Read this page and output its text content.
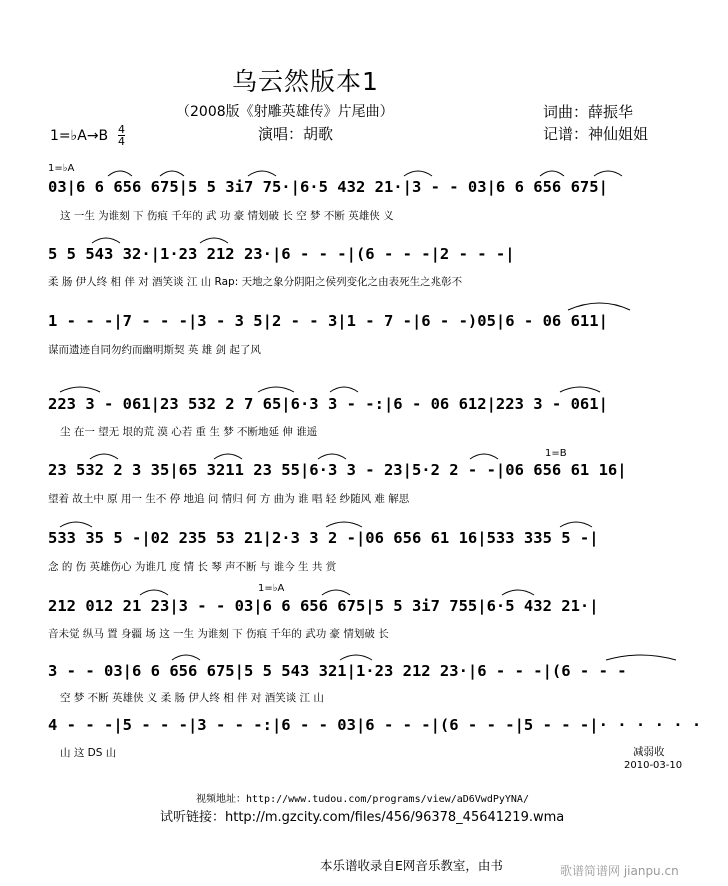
乌云然版本1
（2008版《射雕英雄传》片尾曲）	词曲：薛振华
演唱：胡歌	记谱：神仙姐姐
1=♭A→B 4
4
1=♭A
03|6 6 656 675|5 5 3i7 75·|6·5 432 21·|3 - - 03|6 6 656 675|
这 一生 为谁刻 下 伤痕 千年的 武 功 豪 情划破 长 空 梦 不断 英雄侠 义
5 5 543 32·|1·23 212 23·|6 - - -|(6 - - -|2 - - -|
柔 肠 伊人终 相 伴 对 酒笑谈 江 山 Rap: 天地之象分阴阳之侯列变化之由表死生之兆彰不
1 - - -|7 - - -|3 - 3 5|2 - - 3|1 - 7 -|6 - -)05|6 - 06 611|
谋而遗迹自同勿约而幽明斯契 英 雄 剑 起了风
223 3 - 061|23 532 2 7 65|6·3 3 - -:|6 - 06 612|223 3 - 061|
尘 在一 望无 垠的荒 漠 心若 重 生 梦 不断地延 伸 谁遥
1=B
23 532 2 3 35|65 3211 23 55|6·3 3 - 23|5·2 2 - -|06 656 61 16|
望着 故土中 原 用一 生不 停 地追 问 情归 何 方 曲为 谁 唱 轻 纱随风 难 解思
533 35 5 -|02 235 53 21|2·3 3 2 -|06 656 61 16|533 335 5 -|
念 的 伤 英雄伤心 为谁几 度 情 长 琴 声不断 与 谁今 生 共 赏
1=♭A
212 012 21 23|3 - - 03|6 6 656 675|5 5 3i7 755|6·5 432 21·|
音未觉 纵马 置 身疆 场 这 一生 为谁刻 下 伤痕 千年的 武功 豪 情划破 长
3 - - 03|6 6 656 675|5 5 543 321|1·23 212 23·|6 - - -|(6 - - -
空 梦 不断 英雄侠 义 柔 肠 伊人终 相 伴 对 酒笑谈 江 山
4 - - -|5 - - -|3 - - -:|6 - - 03|6 - - -|(6 - - -|5 - - -|· · · · · ·
山 这 DS 山	减弱收
2010-03-10
视频地址：http://www.tudou.com/programs/view/aD6VwdPyYNA/
试听链接：http://m.gzcity.com/files/456/96378_45641219.wma
本乐谱收录自E网音乐教室，由书	歌谱简谱网 jianpu.cn
